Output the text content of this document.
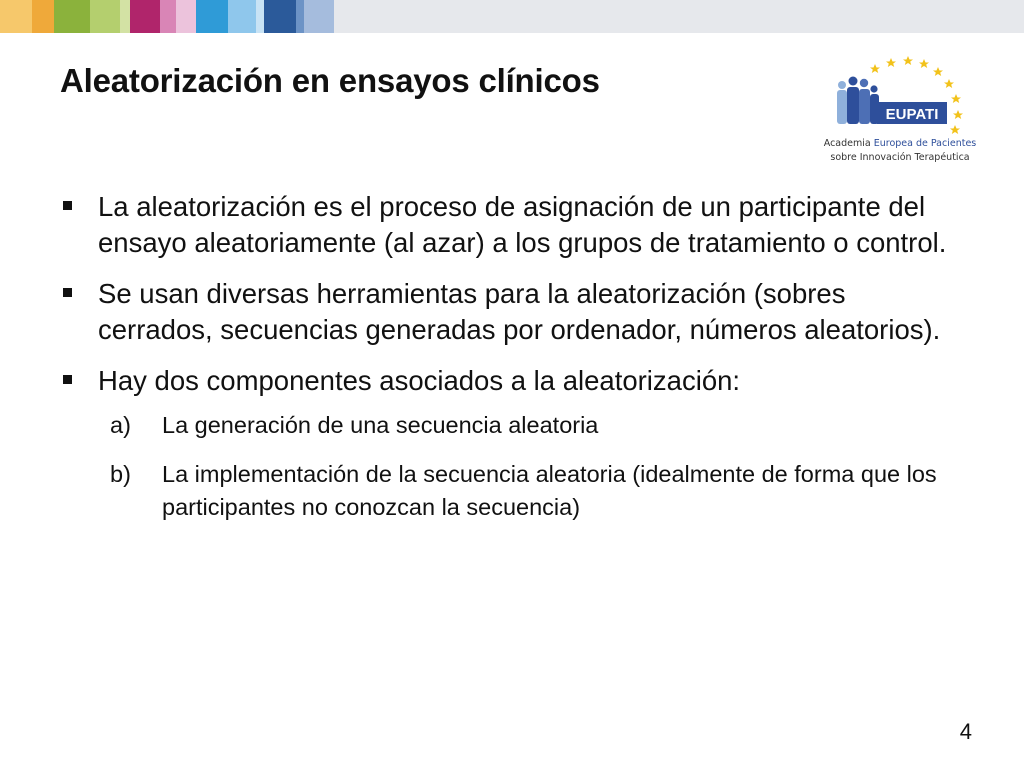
Aleatorización en ensayos clínicos
EUPATI
Academia Europea de Pacientes
sobre Innovación Terapéutica
La aleatorización es el proceso de asignación de un participante del ensayo aleatoriamente (al azar) a los grupos de tratamiento o control.
Se usan diversas herramientas para la aleatorización (sobres cerrados, secuencias generadas por ordenador, números aleatorios).
Hay dos componentes asociados a la aleatorización:
a) La generación de una secuencia aleatoria
b) La implementación de la secuencia aleatoria (idealmente de forma que los participantes no conozcan la secuencia)
4
